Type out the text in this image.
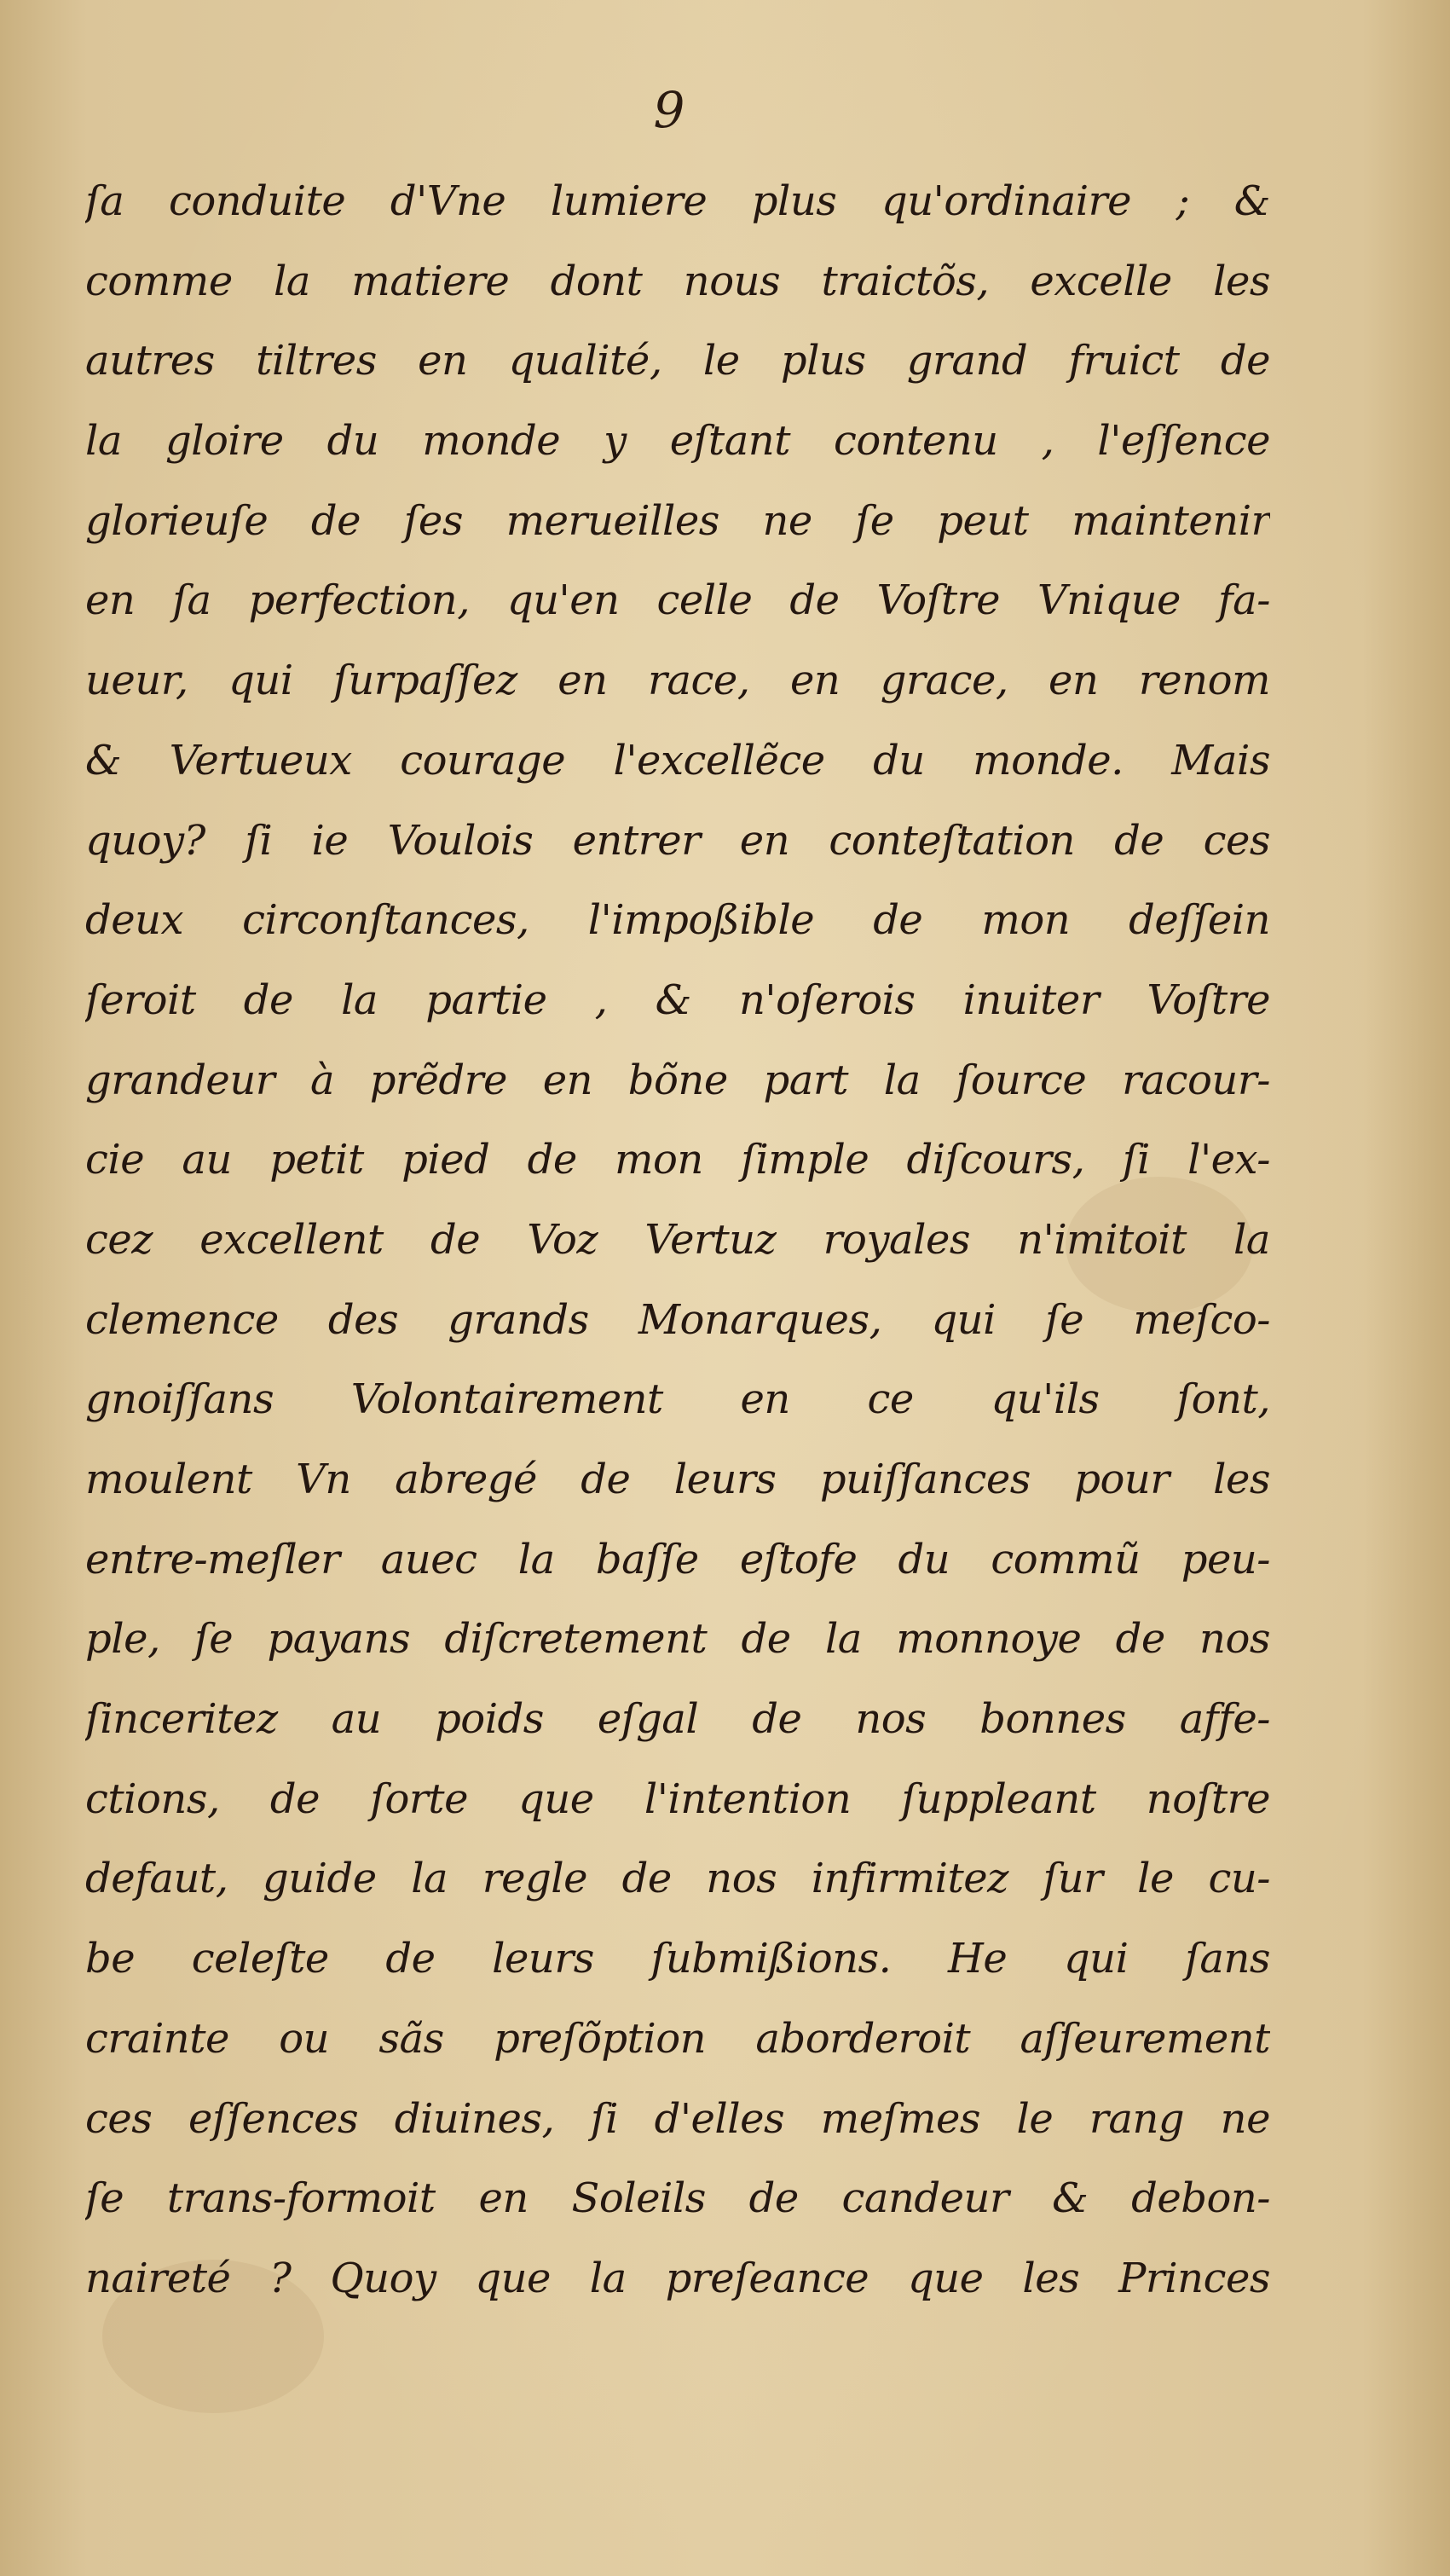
9
ſa conduite d'Vne lumiere plus qu'ordinaire ; &
comme la matiere dont nous traictõs, excelle les
autres tiltres en qualité, le plus grand fruict de
la gloire du monde y eſtant contenu , l'eſſence
glorieuſe de ſes merueilles ne ſe peut maintenir
en ſa perfection, qu'en celle de Voſtre Vnique fa-
ueur, qui ſurpaſſez en race, en grace, en renom
& Vertueux courage l'excellẽce du monde. Mais
quoy? ſi ie Voulois entrer en conteſtation de ces
deux circonſtances, l'impoßible de mon deſſein
ſeroit de la partie , & n'oſerois inuiter Voſtre
grandeur à prẽdre en bõne part la ſource racour-
cie au petit pied de mon ſimple diſcours, ſi l'ex-
cez excellent de Voz Vertuz royales n'imitoit la
clemence des grands Monarques, qui ſe meſco-
gnoiſſans Volontairement en ce qu'ils ſont,
moulent Vn abregé de leurs puiſſances pour les
entre-meſler auec la baſſe eſtofe du commũ peu-
ple, ſe payans diſcretement de la monnoye de nos
ſinceritez au poids eſgal de nos bonnes affe-
ctions, de ſorte que l'intention ſuppleant noſtre
defaut, guide la regle de nos infirmitez ſur le cu-
be celeſte de leurs ſubmißions. He qui ſans
crainte ou sãs preſõption aborderoit aſſeurement
ces eſſences diuines, ſi d'elles meſmes le rang ne
ſe trans-formoit en Soleils de candeur & debon-
naireté ? Quoy que la preſeance que les Princes
